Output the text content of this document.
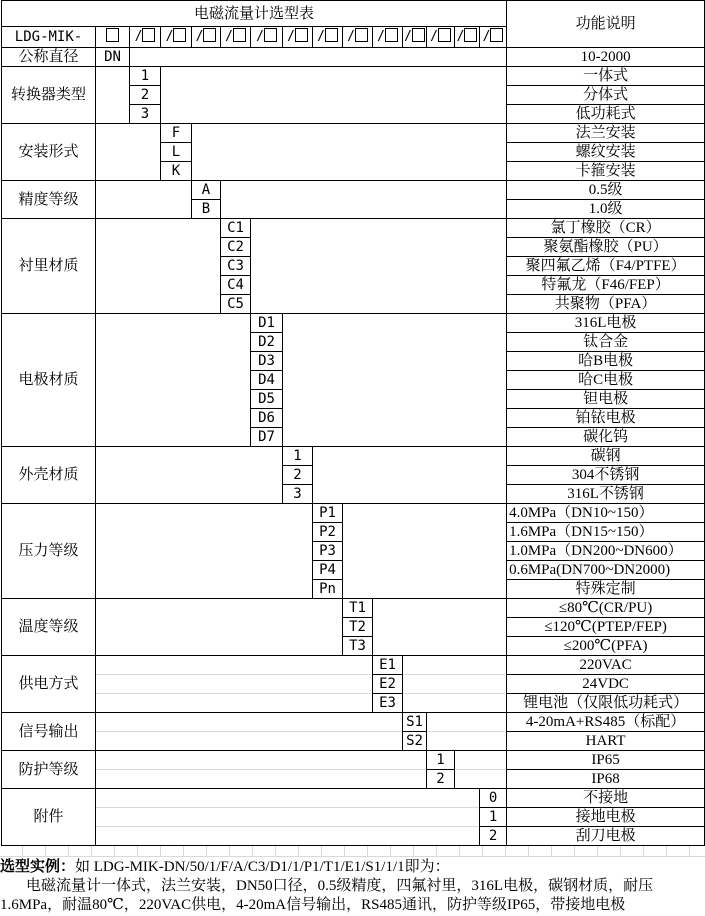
电磁流量计选型表															功能说明
LDG-MIK-		/	/	/	/	/	/	/	/	/	/	/	/	/	
公称直径	DN														10-2000
转换器类型		1													一体式
		2													分体式
		3													低功耗式
安装形式			F												法兰安装
			L												螺纹安装
			K												卡箍安装
精度等级				A											0.5级
				B											1.0级
衬里材质					C1										氯丁橡胶（CR）
					C2										聚氨酯橡胶（PU）
					C3										聚四氟乙烯（F4/PTFE）
					C4										特氟龙（F46/FEP）
					C5										共聚物（PFA）
电极材质						D1									316L电极
						D2									钛合金
						D3									哈B电极
						D4									哈C电极
						D5									钽电极
						D6									铂铱电极
						D7									碳化钨
外壳材质							1								碳钢
							2								304不锈钢
							3								316L不锈钢
压力等级								P1							4.0MPa（DN10~150）
								P2							1.6MPa（DN15~150）
								P3							1.0MPa（DN200~DN600）
								P4							0.6MPa(DN700~DN2000)
								Pn							特殊定制
温度等级									T1						≤80℃(CR/PU)
									T2						≤120℃(PTEP/FEP)
									T3						≤200℃(PFA)
供电方式										E1					220VAC
										E2					24VDC
										E3					锂电池（仅限低功耗式）
信号输出											S1				4-20mA+RS485（标配）
											S2				HART
防护等级												1			IP65
												2			IP68
附件														0	不接地
														1	接地电极
														2	刮刀电极

选型实例：如 LDG-MIK-DN/50/1/F/A/C3/D1/1/P1/T1/E1/S1/1/1即为：

电磁流量计一体式，法兰安装，DN50口径，0.5级精度，四氟衬里，316L电极，碳钢材质，耐压

1.6MPa，耐温80℃，220VAC供电，4-20mA信号输出，RS485通讯，防护等级IP65，带接地电极
